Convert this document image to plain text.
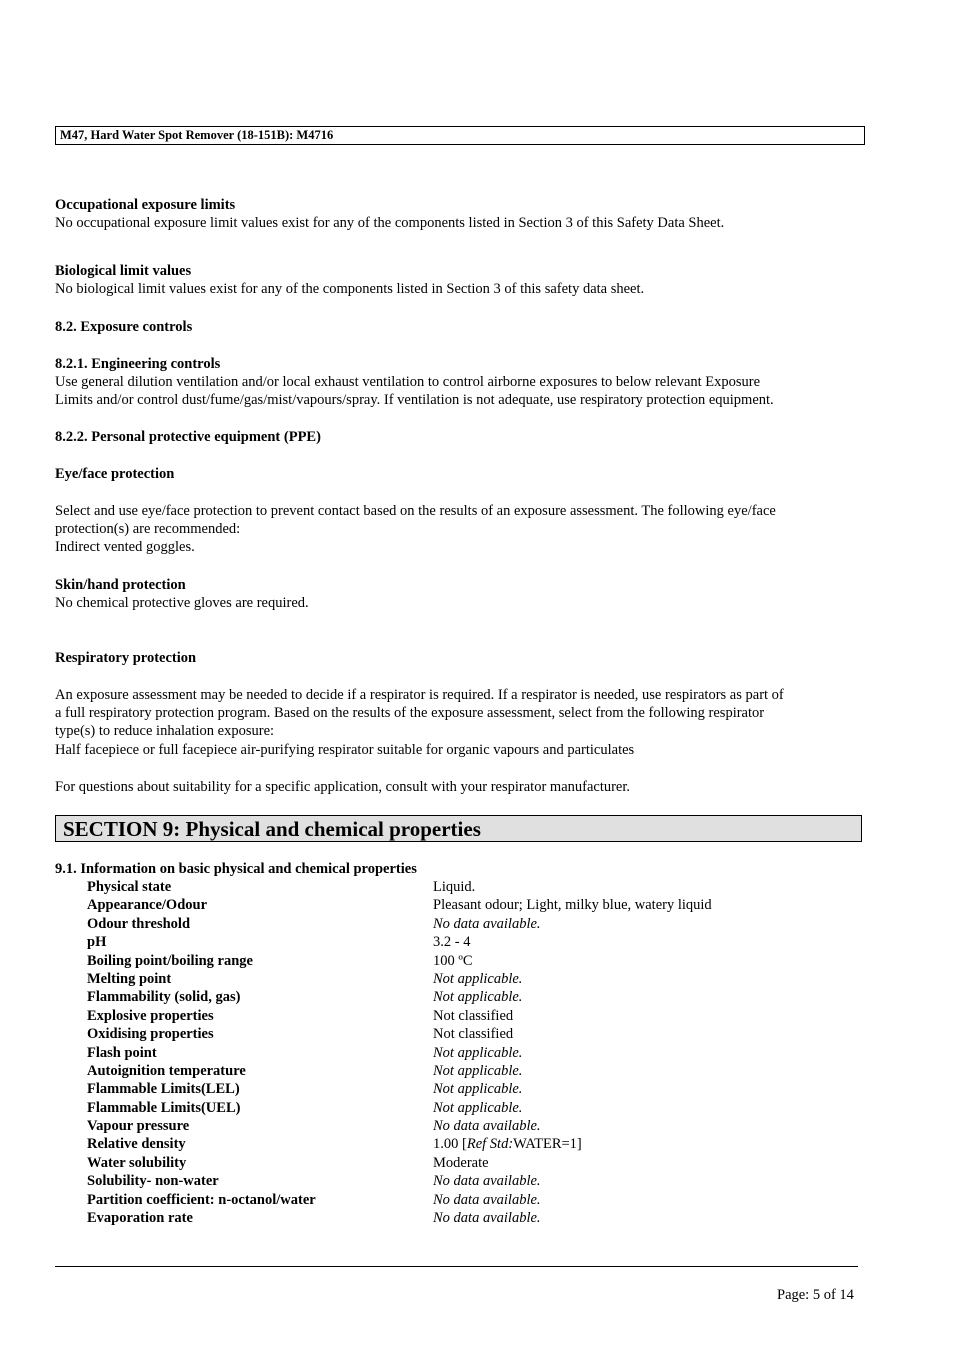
M47, Hard Water Spot Remover (18-151B): M4716
Occupational exposure limits
No occupational exposure limit values exist for any of the components listed in Section 3 of this Safety Data Sheet.
Biological limit values
No biological limit values exist for any of the components listed in Section 3 of this safety data sheet.
8.2. Exposure controls
8.2.1. Engineering controls
Use general dilution ventilation and/or local exhaust ventilation to control airborne exposures to below relevant Exposure
Limits and/or control dust/fume/gas/mist/vapours/spray. If ventilation is not adequate, use respiratory protection equipment.
8.2.2. Personal protective equipment (PPE)
Eye/face protection
Select and use eye/face protection to prevent contact based on the results of an exposure assessment. The following eye/face
protection(s) are recommended:
Indirect vented goggles.
Skin/hand protection
No chemical protective gloves are required.
Respiratory protection
An exposure assessment may be needed to decide if a respirator is required. If a respirator is needed, use respirators as part of
a full respiratory protection program. Based on the results of the exposure assessment, select from the following respirator
type(s) to reduce inhalation exposure:
Half facepiece or full facepiece air-purifying respirator suitable for organic vapours and particulates
For questions about suitability for a specific application, consult with your respirator manufacturer.
SECTION 9: Physical and chemical properties
9.1. Information on basic physical and chemical properties
Physical state	Liquid.
Appearance/Odour	Pleasant odour; Light, milky blue, watery liquid
Odour threshold	No data available.
pH	3.2 - 4
Boiling point/boiling range	100 ºC
Melting point	Not applicable.
Flammability (solid, gas)	Not applicable.
Explosive properties	Not classified
Oxidising properties	Not classified
Flash point	Not applicable.
Autoignition temperature	Not applicable.
Flammable Limits(LEL)	Not applicable.
Flammable Limits(UEL)	Not applicable.
Vapour pressure	No data available.
Relative density	1.00 [Ref Std:WATER=1]
Water solubility	Moderate
Solubility- non-water	No data available.
Partition coefficient: n-octanol/water	No data available.
Evaporation rate	No data available.
Page: 5 of 14
